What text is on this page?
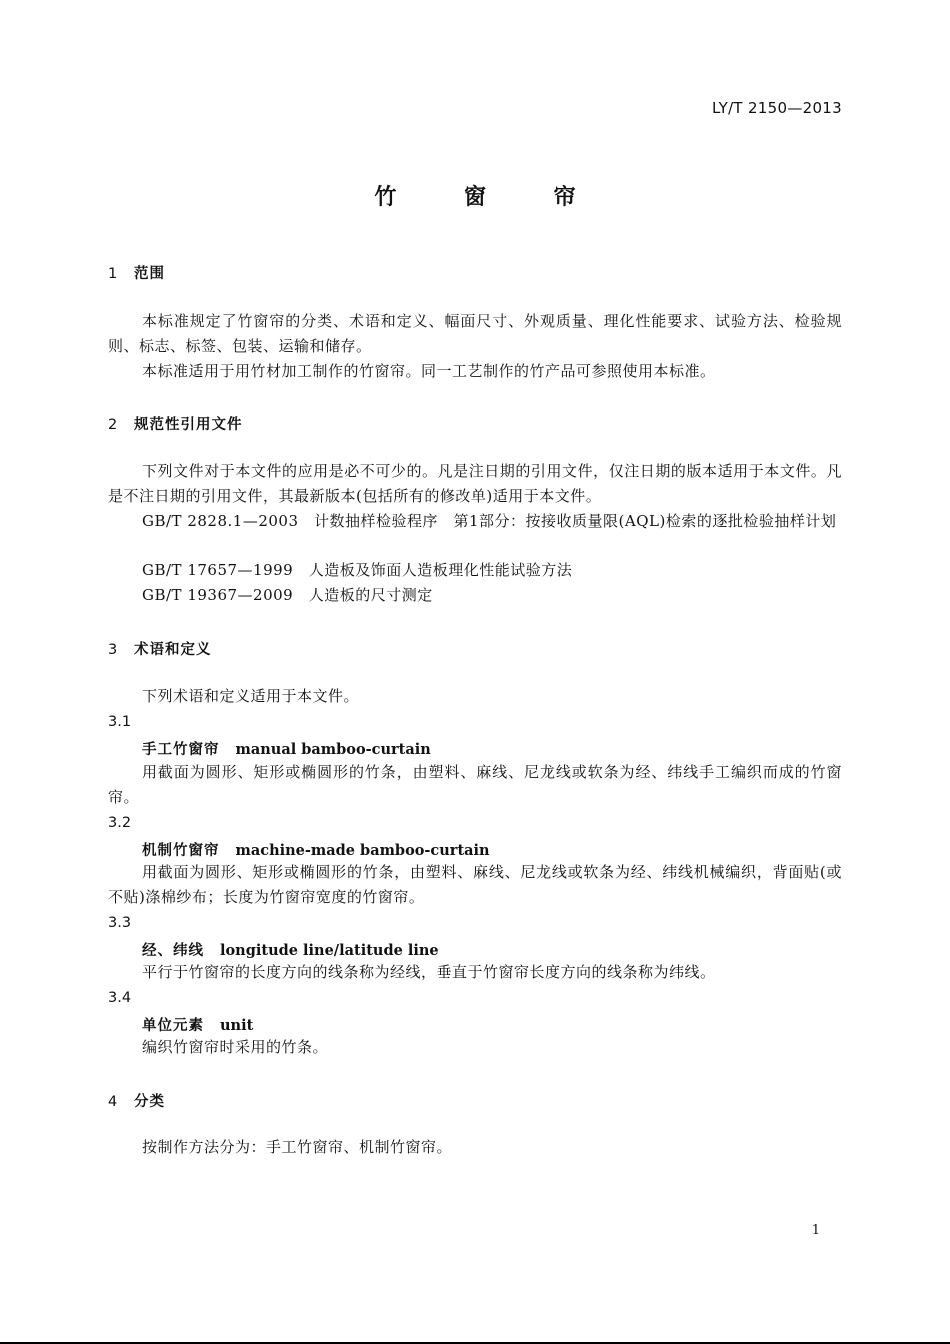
LY/T 2150—2013
竹 窗 帘
1 范围
本标准规定了竹窗帘的分类、术语和定义、幅面尺寸、外观质量、理化性能要求、试验方法、检验规则、标志、标签、包装、运输和储存。
本标准适用于用竹材加工制作的竹窗帘。同一工艺制作的竹产品可参照使用本标准。
2 规范性引用文件
下列文件对于本文件的应用是必不可少的。凡是注日期的引用文件，仅注日期的版本适用于本文件。凡是不注日期的引用文件，其最新版本(包括所有的修改单)适用于本文件。
GB/T 2828.1—2003　计数抽样检验程序　第1部分：按接收质量限(AQL)检索的逐批检验抽样计划
GB/T 17657—1999　人造板及饰面人造板理化性能试验方法
GB/T 19367—2009　人造板的尺寸测定
3 术语和定义
下列术语和定义适用于本文件。
3.1
手工竹窗帘 manual bamboo-curtain
用截面为圆形、矩形或椭圆形的竹条，由塑料、麻线、尼龙线或软条为经、纬线手工编织而成的竹窗帘。
3.2
机制竹窗帘 machine-made bamboo-curtain
用截面为圆形、矩形或椭圆形的竹条，由塑料、麻线、尼龙线或软条为经、纬线机械编织，背面贴(或不贴)涤棉纱布；长度为竹窗帘宽度的竹窗帘。
3.3
经、纬线 longitude line/latitude line
平行于竹窗帘的长度方向的线条称为经线，垂直于竹窗帘长度方向的线条称为纬线。
3.4
单位元素 unit
编织竹窗帘时采用的竹条。
4 分类
按制作方法分为：手工竹窗帘、机制竹窗帘。
1
